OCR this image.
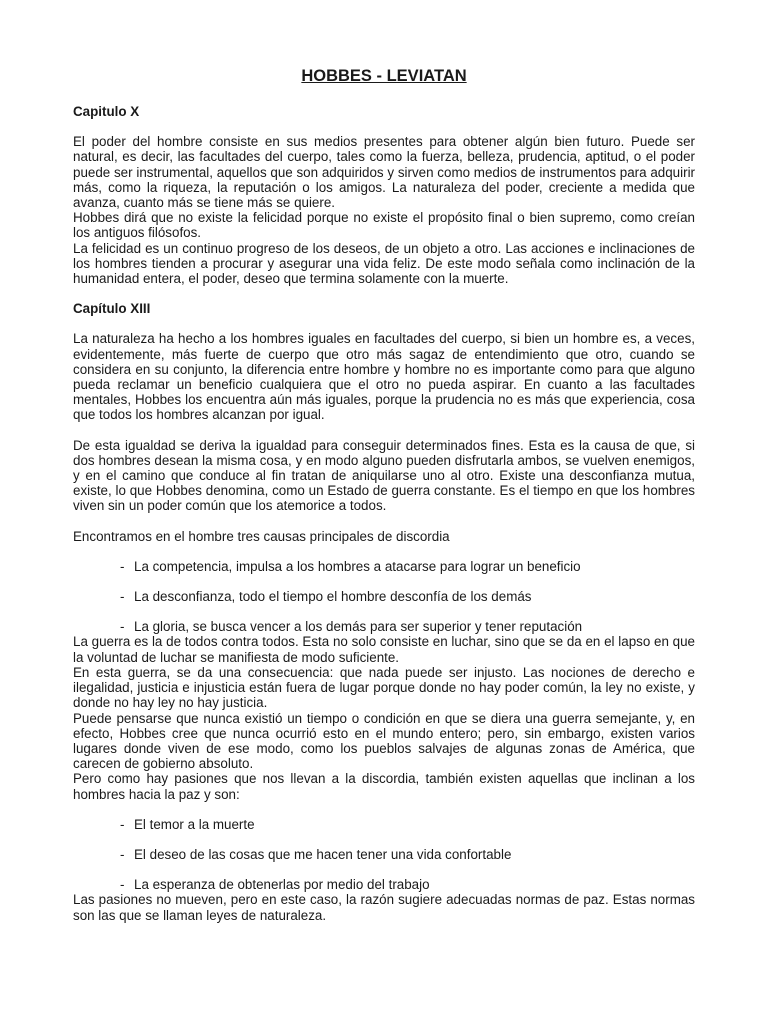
HOBBES - LEVIATAN
Capitulo X

El poder del hombre consiste en sus medios presentes para obtener algún bien futuro. Puede ser natural, es decir, las facultades del cuerpo, tales como la fuerza, belleza, prudencia, aptitud, o el poder puede ser instrumental, aquellos que son adquiridos y sirven como medios de instrumentos para adquirir más, como la riqueza, la reputación o los amigos. La naturaleza del poder, creciente a medida que avanza, cuanto más se tiene más se quiere.

Hobbes dirá que no existe la felicidad porque no existe el propósito final o bien supremo, como creían los antiguos filósofos.

La felicidad es un continuo progreso de los deseos, de un objeto a otro. Las acciones e inclinaciones de los hombres tienden a procurar y asegurar una vida feliz. De este modo señala como inclinación de la humanidad entera, el poder, deseo que termina solamente con la muerte.

Capítulo XIII

La naturaleza ha hecho a los hombres iguales en facultades del cuerpo, si bien un hombre es, a veces, evidentemente, más fuerte de cuerpo que otro más sagaz de entendimiento que otro, cuando se considera en su conjunto, la diferencia entre hombre y hombre no es importante como para que alguno pueda reclamar un beneficio cualquiera que el otro no pueda aspirar. En cuanto a las facultades mentales, Hobbes los encuentra aún más iguales, porque la prudencia no es más que experiencia, cosa que todos los hombres alcanzan por igual.

De esta igualdad se deriva la igualdad para conseguir determinados fines. Esta es la causa de que, si dos hombres desean la misma cosa, y en modo alguno pueden disfrutarla ambos, se vuelven enemigos, y en el camino que conduce al fin tratan de aniquilarse uno al otro. Existe una desconfianza mutua, existe, lo que Hobbes denomina, como un Estado de guerra constante. Es el tiempo en que los hombres viven sin un poder común que los atemorice a todos.

Encontramos en el hombre tres causas principales de discordia

- La competencia, impulsa a los hombres a atacarse para lograr un beneficio
- La desconfianza, todo el tiempo el hombre desconfía de los demás
- La gloria, se busca vencer a los demás para ser superior y tener reputación

La guerra es la de todos contra todos. Esta no solo consiste en luchar, sino que se da en el lapso en que la voluntad de luchar se manifiesta de modo suficiente.

En esta guerra, se da una consecuencia: que nada puede ser injusto. Las nociones de derecho e ilegalidad, justicia e injusticia están fuera de lugar porque donde no hay poder común, la ley no existe, y donde no hay ley no hay justicia.

Puede pensarse que nunca existió un tiempo o condición en que se diera una guerra semejante, y, en efecto, Hobbes cree que nunca ocurrió esto en el mundo entero; pero, sin embargo, existen varios lugares donde viven de ese modo, como los pueblos salvajes de algunas zonas de América, que carecen de gobierno absoluto.

Pero como hay pasiones que nos llevan a la discordia, también existen aquellas que inclinan a los hombres hacia la paz y son:

- El temor a la muerte
- El deseo de las cosas que me hacen tener una vida confortable
- La esperanza de obtenerlas por medio del trabajo

Las pasiones no mueven, pero en este caso, la razón sugiere adecuadas normas de paz. Estas normas son las que se llaman leyes de naturaleza.
